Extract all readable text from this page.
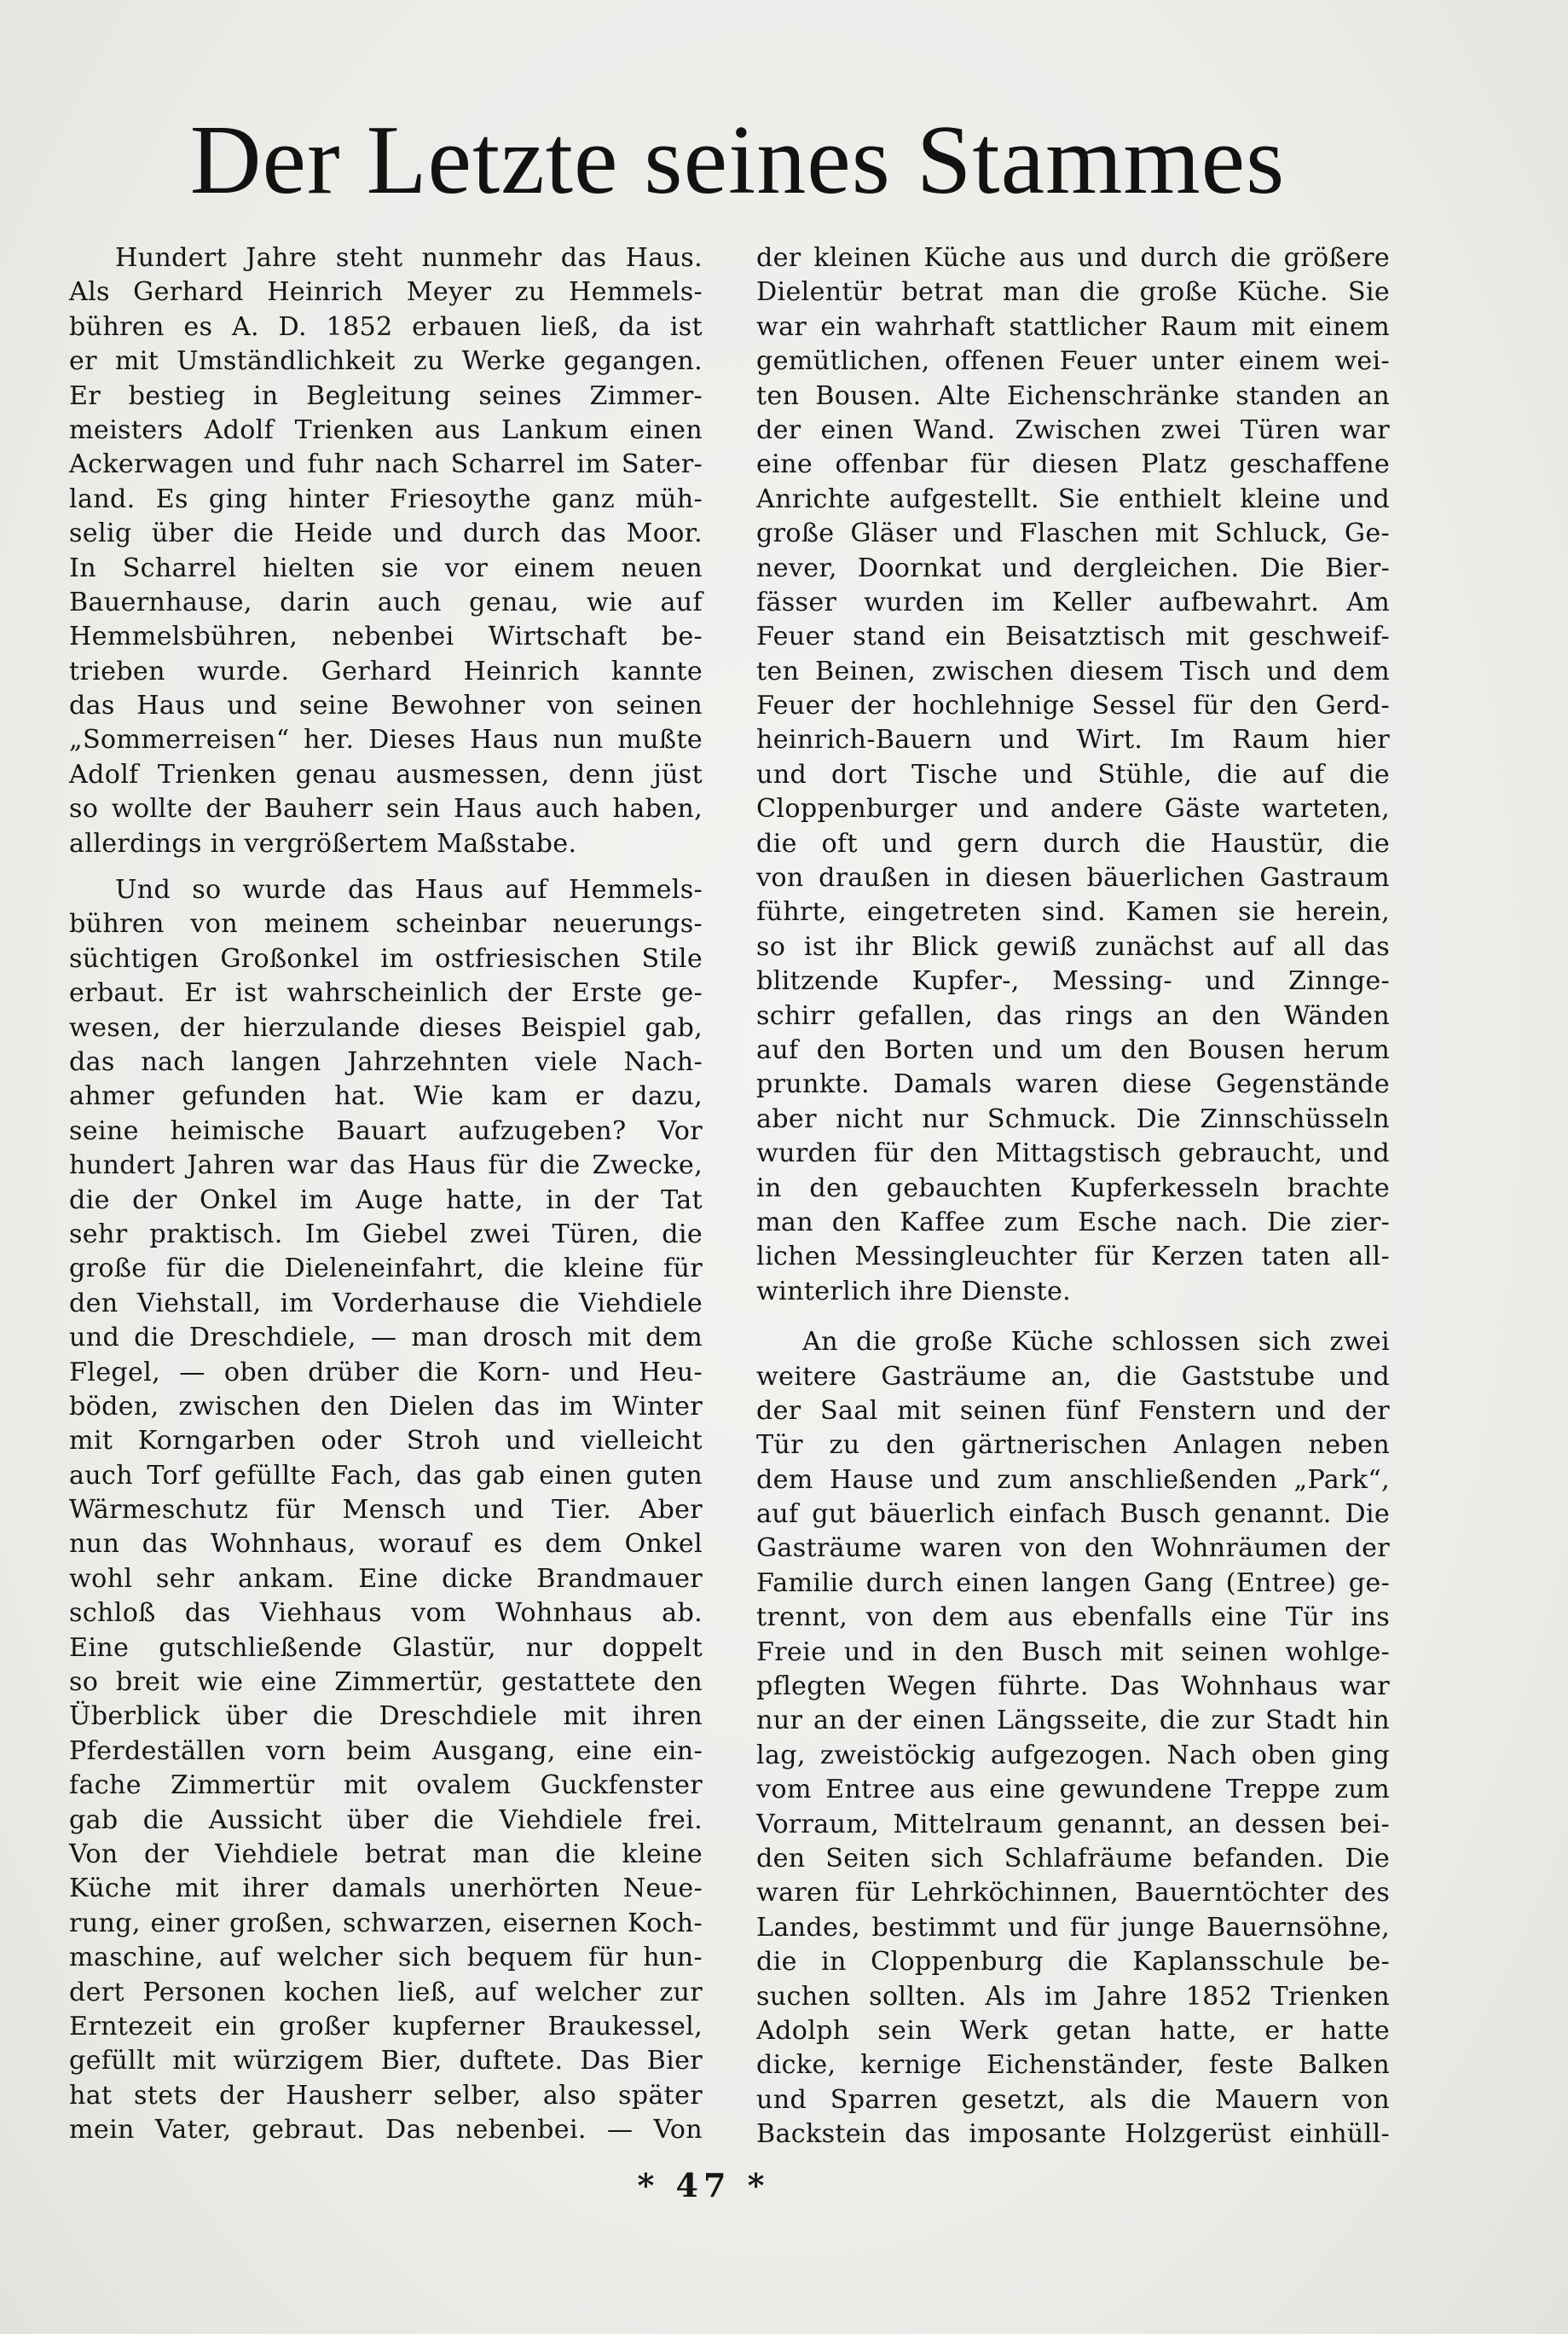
Der Letzte seines Stammes
Hundert Jahre steht nunmehr das Haus.
Als Gerhard Heinrich Meyer zu Hemmels-
bühren es A. D. 1852 erbauen ließ, da ist
er mit Umständlichkeit zu Werke gegangen.
Er bestieg in Begleitung seines Zimmer-
meisters Adolf Trienken aus Lankum einen
Ackerwagen und fuhr nach Scharrel im Sater-
land. Es ging hinter Friesoythe ganz müh-
selig über die Heide und durch das Moor.
In Scharrel hielten sie vor einem neuen
Bauernhause, darin auch genau, wie auf
Hemmelsbühren, nebenbei Wirtschaft be-
trieben wurde. Gerhard Heinrich kannte
das Haus und seine Bewohner von seinen
„Sommerreisen“ her. Dieses Haus nun mußte
Adolf Trienken genau ausmessen, denn jüst
so wollte der Bauherr sein Haus auch haben,
allerdings in vergrößertem Maßstabe.
Und so wurde das Haus auf Hemmels-
bühren von meinem scheinbar neuerungs-
süchtigen Großonkel im ostfriesischen Stile
erbaut. Er ist wahrscheinlich der Erste ge-
wesen, der hierzulande dieses Beispiel gab,
das nach langen Jahrzehnten viele Nach-
ahmer gefunden hat. Wie kam er dazu,
seine heimische Bauart aufzugeben? Vor
hundert Jahren war das Haus für die Zwecke,
die der Onkel im Auge hatte, in der Tat
sehr praktisch. Im Giebel zwei Türen, die
große für die Dieleneinfahrt, die kleine für
den Viehstall, im Vorderhause die Viehdiele
und die Dreschdiele, — man drosch mit dem
Flegel, — oben drüber die Korn- und Heu-
böden, zwischen den Dielen das im Winter
mit Korngarben oder Stroh und vielleicht
auch Torf gefüllte Fach, das gab einen guten
Wärmeschutz für Mensch und Tier. Aber
nun das Wohnhaus, worauf es dem Onkel
wohl sehr ankam. Eine dicke Brandmauer
schloß das Viehhaus vom Wohnhaus ab.
Eine gutschließende Glastür, nur doppelt
so breit wie eine Zimmertür, gestattete den
Überblick über die Dreschdiele mit ihren
Pferdeställen vorn beim Ausgang, eine ein-
fache Zimmertür mit ovalem Guckfenster
gab die Aussicht über die Viehdiele frei.
Von der Viehdiele betrat man die kleine
Küche mit ihrer damals unerhörten Neue-
rung, einer großen, schwarzen, eisernen Koch-
maschine, auf welcher sich bequem für hun-
dert Personen kochen ließ, auf welcher zur
Erntezeit ein großer kupferner Braukessel,
gefüllt mit würzigem Bier, duftete. Das Bier
hat stets der Hausherr selber, also später
mein Vater, gebraut. Das nebenbei. — Von
der kleinen Küche aus und durch die größere
Dielentür betrat man die große Küche. Sie
war ein wahrhaft stattlicher Raum mit einem
gemütlichen, offenen Feuer unter einem wei-
ten Bousen. Alte Eichenschränke standen an
der einen Wand. Zwischen zwei Türen war
eine offenbar für diesen Platz geschaffene
Anrichte aufgestellt. Sie enthielt kleine und
große Gläser und Flaschen mit Schluck, Ge-
never, Doornkat und dergleichen. Die Bier-
fässer wurden im Keller aufbewahrt. Am
Feuer stand ein Beisatztisch mit geschweif-
ten Beinen, zwischen diesem Tisch und dem
Feuer der hochlehnige Sessel für den Gerd-
heinrich-Bauern und Wirt. Im Raum hier
und dort Tische und Stühle, die auf die
Cloppenburger und andere Gäste warteten,
die oft und gern durch die Haustür, die
von draußen in diesen bäuerlichen Gastraum
führte, eingetreten sind. Kamen sie herein,
so ist ihr Blick gewiß zunächst auf all das
blitzende Kupfer-, Messing- und Zinnge-
schirr gefallen, das rings an den Wänden
auf den Borten und um den Bousen herum
prunkte. Damals waren diese Gegenstände
aber nicht nur Schmuck. Die Zinnschüsseln
wurden für den Mittagstisch gebraucht, und
in den gebauchten Kupferkesseln brachte
man den Kaffee zum Esche nach. Die zier-
lichen Messingleuchter für Kerzen taten all-
winterlich ihre Dienste.
An die große Küche schlossen sich zwei
weitere Gasträume an, die Gaststube und
der Saal mit seinen fünf Fenstern und der
Tür zu den gärtnerischen Anlagen neben
dem Hause und zum anschließenden „Park“,
auf gut bäuerlich einfach Busch genannt. Die
Gasträume waren von den Wohnräumen der
Familie durch einen langen Gang (Entree) ge-
trennt, von dem aus ebenfalls eine Tür ins
Freie und in den Busch mit seinen wohlge-
pflegten Wegen führte. Das Wohnhaus war
nur an der einen Längsseite, die zur Stadt hin
lag, zweistöckig aufgezogen. Nach oben ging
vom Entree aus eine gewundene Treppe zum
Vorraum, Mittelraum genannt, an dessen bei-
den Seiten sich Schlafräume befanden. Die
waren für Lehrköchinnen, Bauerntöchter des
Landes, bestimmt und für junge Bauernsöhne,
die in Cloppenburg die Kaplansschule be-
suchen sollten. Als im Jahre 1852 Trienken
Adolph sein Werk getan hatte, er hatte
dicke, kernige Eichenständer, feste Balken
und Sparren gesetzt, als die Mauern von
Backstein das imposante Holzgerüst einhüll-
* 47 *
